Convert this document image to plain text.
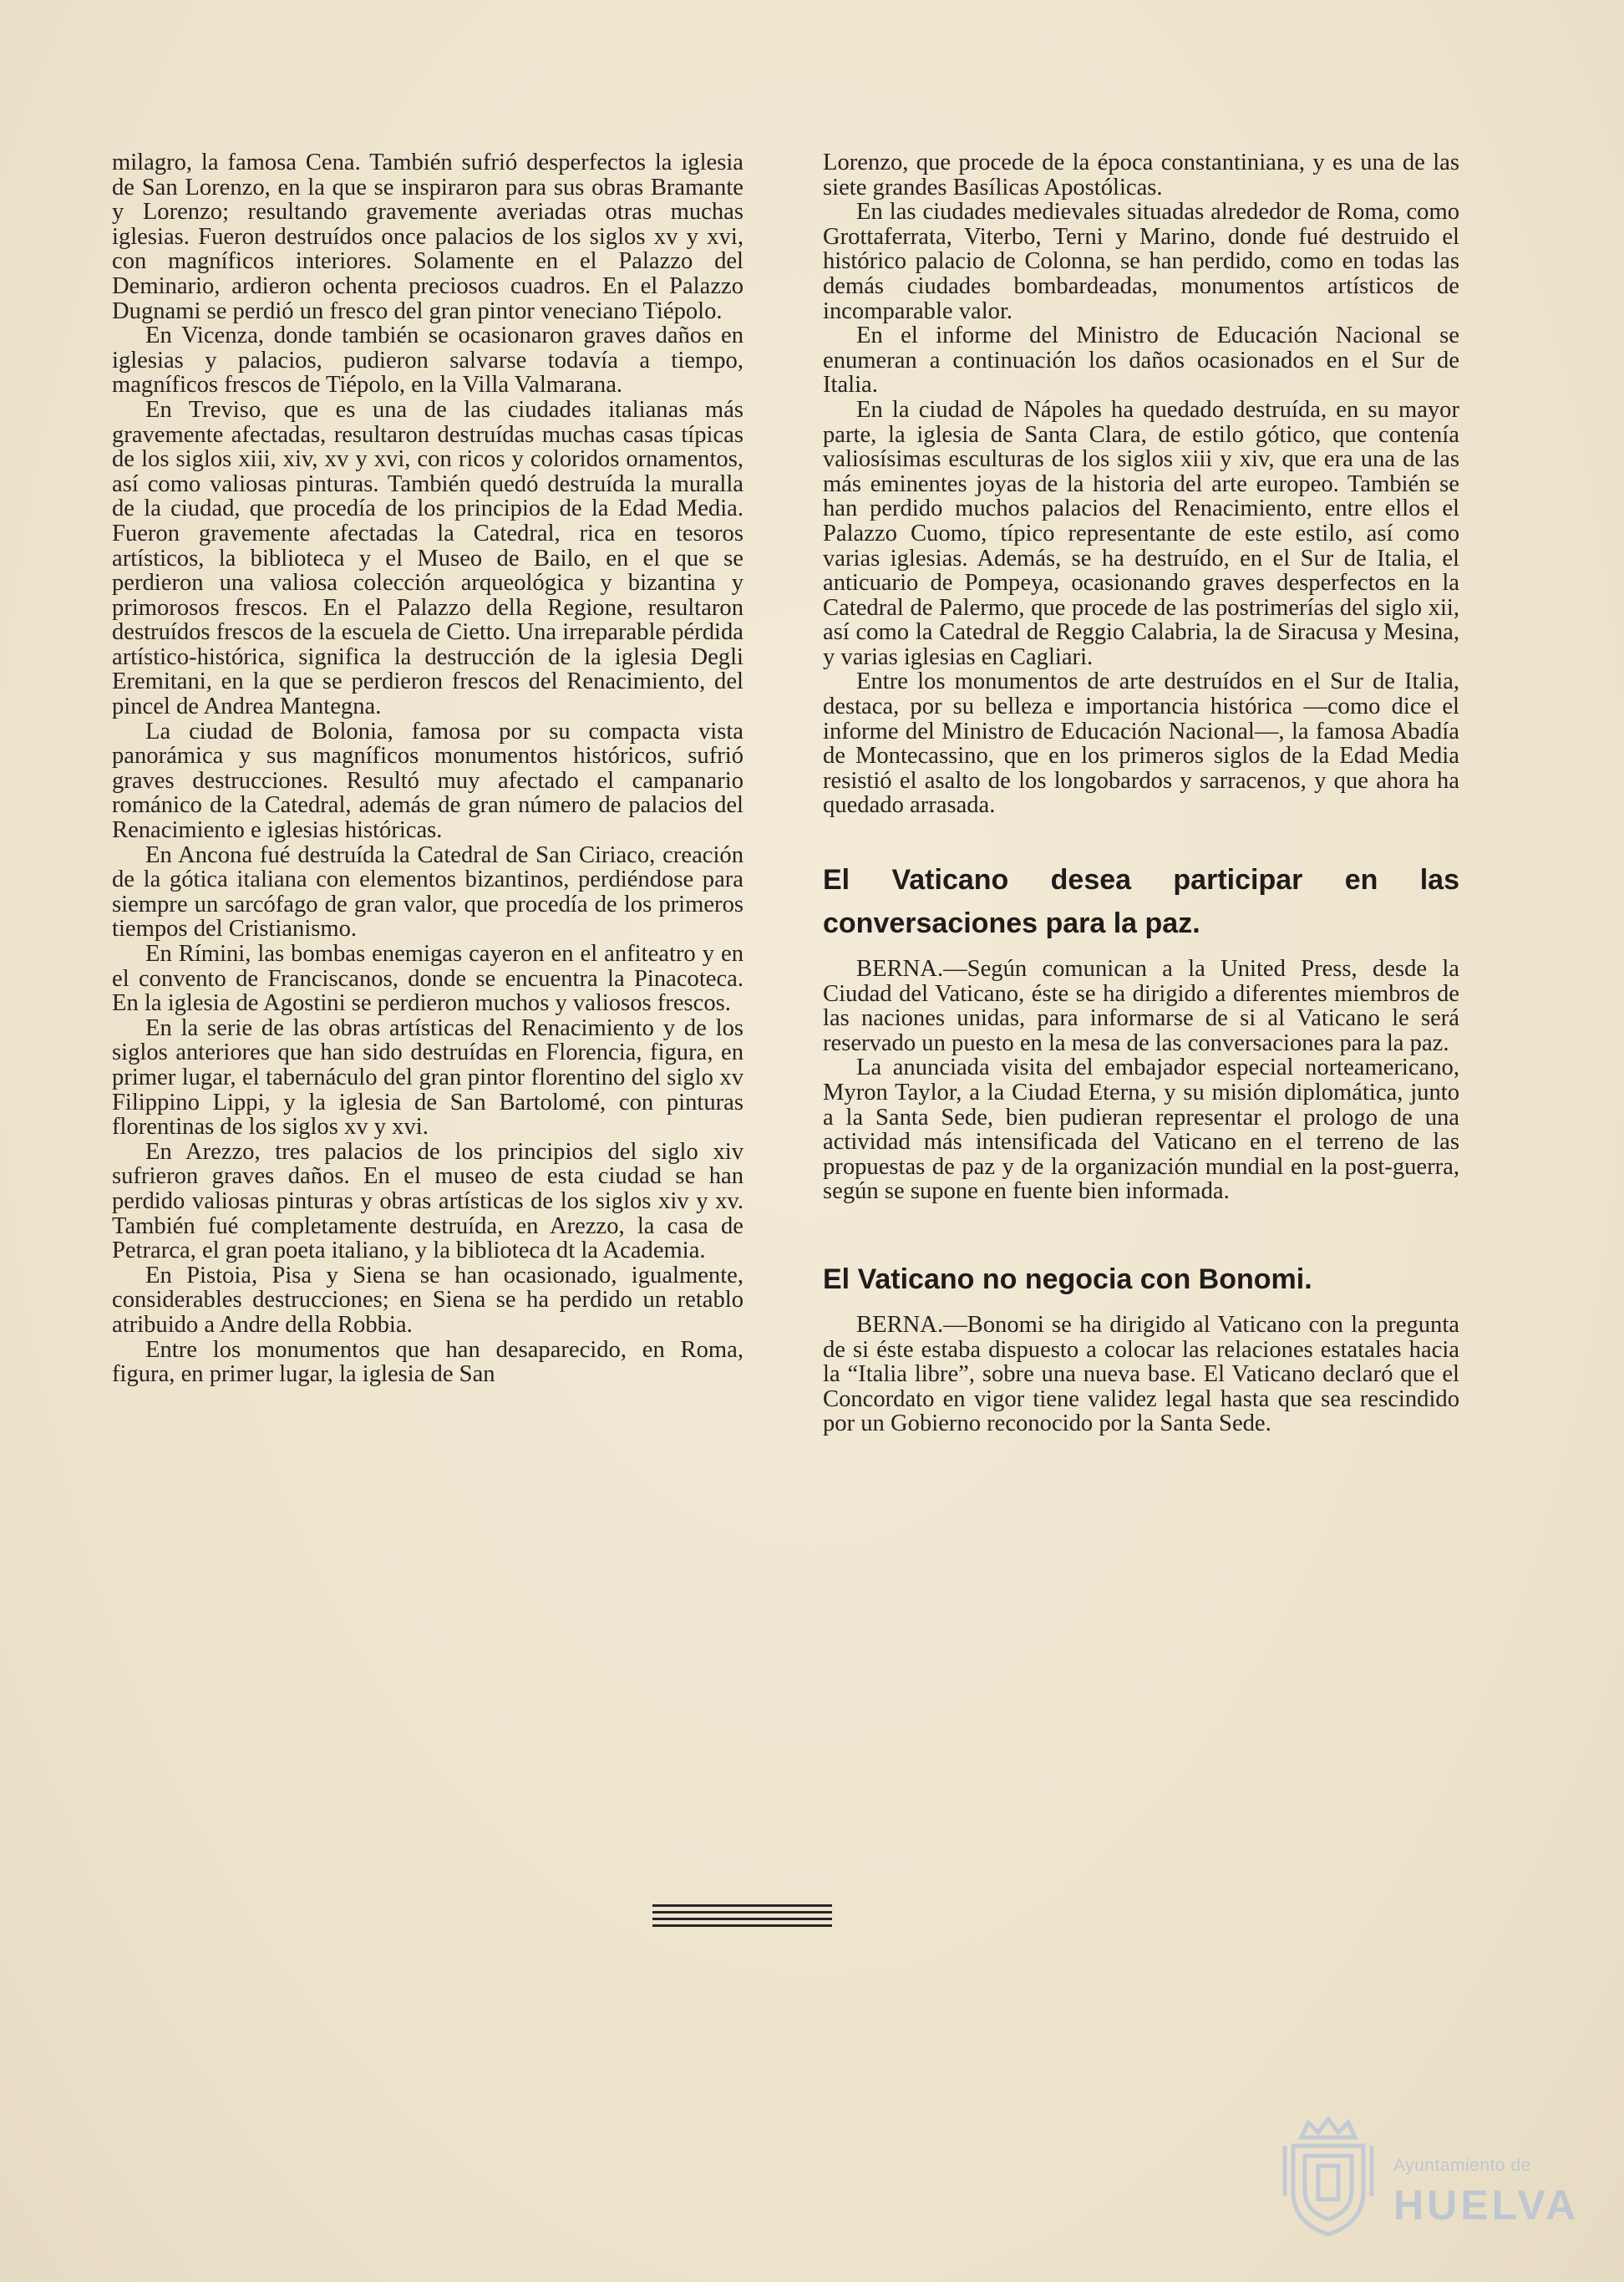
milagro, la famosa Cena. También sufrió desperfectos la iglesia de San Lorenzo, en la que se inspiraron para sus obras Bramante y Lorenzo; resultando gravemente averiadas otras muchas iglesias. Fueron destruídos once palacios de los siglos xv y xvi, con magníficos interiores. Solamente en el Palazzo del Deminario, ardieron ochenta preciosos cuadros. En el Palazzo Dugnami se perdió un fresco del gran pintor veneciano Tiépolo.

En Vicenza, donde también se ocasionaron graves daños en iglesias y palacios, pudieron salvarse todavía a tiempo, magníficos frescos de Tiépolo, en la Villa Valmarana.

En Treviso, que es una de las ciudades italianas más gravemente afectadas, resultaron destruídas muchas casas típicas de los siglos xiii, xiv, xv y xvi, con ricos y coloridos ornamentos, así como valiosas pinturas. También quedó destruída la muralla de la ciudad, que procedía de los principios de la Edad Media. Fueron gravemente afectadas la Catedral, rica en tesoros artísticos, la biblioteca y el Museo de Bailo, en el que se perdieron una valiosa colección arqueológica y bizantina y primorosos frescos. En el Palazzo della Regione, resultaron destruídos frescos de la escuela de Cietto. Una irreparable pérdida artístico-histórica, significa la destrucción de la iglesia Degli Eremitani, en la que se perdieron frescos del Renacimiento, del pincel de Andrea Mantegna.

La ciudad de Bolonia, famosa por su compacta vista panorámica y sus magníficos monumentos históricos, sufrió graves destrucciones. Resultó muy afectado el campanario románico de la Catedral, además de gran número de palacios del Renacimiento e iglesias históricas.

En Ancona fué destruída la Catedral de San Ciriaco, creación de la gótica italiana con elementos bizantinos, perdiéndose para siempre un sarcófago de gran valor, que procedía de los primeros tiempos del Cristianismo.

En Rímini, las bombas enemigas cayeron en el anfiteatro y en el convento de Franciscanos, donde se encuentra la Pinacoteca. En la iglesia de Agostini se perdieron muchos y valiosos frescos.

En la serie de las obras artísticas del Renacimiento y de los siglos anteriores que han sido destruídas en Florencia, figura, en primer lugar, el tabernáculo del gran pintor florentino del siglo xv Filippino Lippi, y la iglesia de San Bartolomé, con pinturas florentinas de los siglos xv y xvi.

En Arezzo, tres palacios de los principios del siglo xiv sufrieron graves daños. En el museo de esta ciudad se han perdido valiosas pinturas y obras artísticas de los siglos xiv y xv. También fué completamente destruída, en Arezzo, la casa de Petrarca, el gran poeta italiano, y la biblioteca dt la Academia.

En Pistoia, Pisa y Siena se han ocasionado, igualmente, considerables destrucciones; en Siena se ha perdido un retablo atribuido a Andre della Robbia.

Entre los monumentos que han desaparecido, en Roma, figura, en primer lugar, la iglesia de San

Lorenzo, que procede de la época constantiniana, y es una de las siete grandes Basílicas Apostólicas.

En las ciudades medievales situadas alrededor de Roma, como Grottaferrata, Viterbo, Terni y Marino, donde fué destruido el histórico palacio de Colonna, se han perdido, como en todas las demás ciudades bombardeadas, monumentos artísticos de incomparable valor.

En el informe del Ministro de Educación Nacional se enumeran a continuación los daños ocasionados en el Sur de Italia.

En la ciudad de Nápoles ha quedado destruída, en su mayor parte, la iglesia de Santa Clara, de estilo gótico, que contenía valiosísimas esculturas de los siglos xiii y xiv, que era una de las más eminentes joyas de la historia del arte europeo. También se han perdido muchos palacios del Renacimiento, entre ellos el Palazzo Cuomo, típico representante de este estilo, así como varias iglesias. Además, se ha destruído, en el Sur de Italia, el anticuario de Pompeya, ocasionando graves desperfectos en la Catedral de Palermo, que procede de las postrimerías del siglo xii, así como la Catedral de Reggio Calabria, la de Siracusa y Mesina, y varias iglesias en Cagliari.

Entre los monumentos de arte destruídos en el Sur de Italia, destaca, por su belleza e importancia histórica —como dice el informe del Ministro de Educación Nacional—, la famosa Abadía de Montecassino, que en los primeros siglos de la Edad Media resistió el asalto de los longobardos y sarracenos, y que ahora ha quedado arrasada.

El Vaticano desea participar en las conversaciones para la paz.

BERNA.—Según comunican a la United Press, desde la Ciudad del Vaticano, éste se ha dirigido a diferentes miembros de las naciones unidas, para informarse de si al Vaticano le será reservado un puesto en la mesa de las conversaciones para la paz.

La anunciada visita del embajador especial norteamericano, Myron Taylor, a la Ciudad Eterna, y su misión diplomática, junto a la Santa Sede, bien pudieran representar el prologo de una actividad más intensificada del Vaticano en el terreno de las propuestas de paz y de la organización mundial en la post-guerra, según se supone en fuente bien informada.

El Vaticano no negocia con Bonomi.

BERNA.—Bonomi se ha dirigido al Vaticano con la pregunta de si éste estaba dispuesto a colocar las relaciones estatales hacia la “Italia libre”, sobre una nueva base. El Vaticano declaró que el Concordato en vigor tiene validez legal hasta que sea rescindido por un Gobierno reconocido por la Santa Sede.

Ayuntamiento de
HUELVA
